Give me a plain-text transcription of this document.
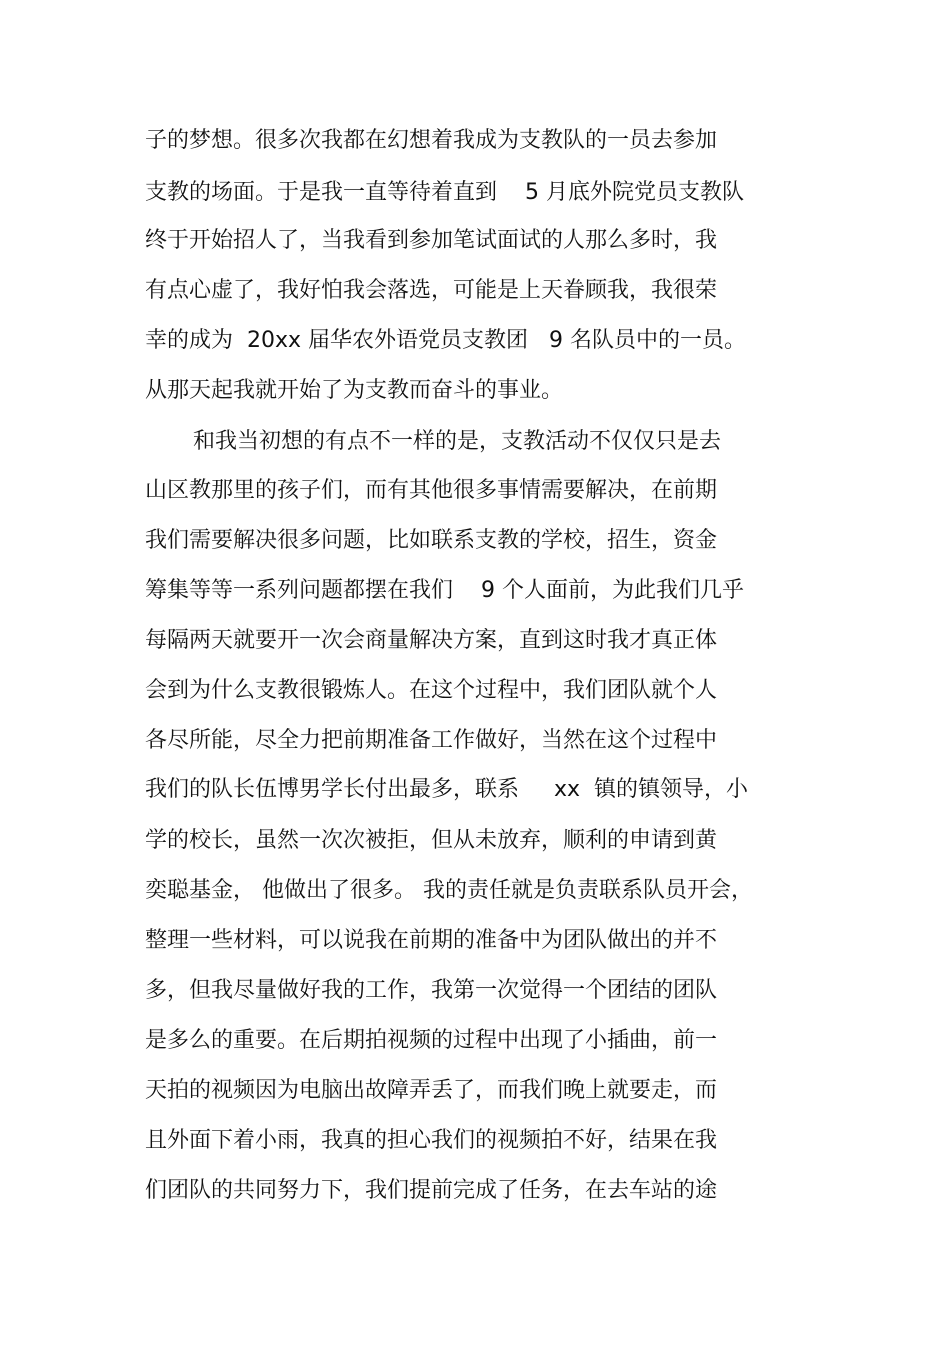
子的梦想。很多次我都在幻想着我成为支教队的一员去参加
支教的场面。于是我一直等待着直到    5 月底外院党员支教队
终于开始招人了，当我看到参加笔试面试的人那么多时，我
有点心虚了，我好怕我会落选，可能是上天眷顾我，我很荣
幸的成为  20xx 届华农外语党员支教团   9 名队员中的一员。
从那天起我就开始了为支教而奋斗的事业。
和我当初想的有点不一样的是，支教活动不仅仅只是去
山区教那里的孩子们，而有其他很多事情需要解决，在前期
我们需要解决很多问题，比如联系支教的学校，招生，资金
筹集等等一系列问题都摆在我们    9 个人面前，为此我们几乎
每隔两天就要开一次会商量解决方案，直到这时我才真正体
会到为什么支教很锻炼人。在这个过程中，我们团队就个人
各尽所能，尽全力把前期准备工作做好，当然在这个过程中
我们的队长伍博男学长付出最多，联系     xx  镇的镇领导，小
学的校长，虽然一次次被拒，但从未放弃，顺利的申请到黄
奕聪基金， 他做出了很多。 我的责任就是负责联系队员开会，
整理一些材料，可以说我在前期的准备中为团队做出的并不
多，但我尽量做好我的工作，我第一次觉得一个团结的团队
是多么的重要。在后期拍视频的过程中出现了小插曲，前一
天拍的视频因为电脑出故障弄丢了，而我们晚上就要走，而
且外面下着小雨，我真的担心我们的视频拍不好，结果在我
们团队的共同努力下，我们提前完成了任务，在去车站的途
